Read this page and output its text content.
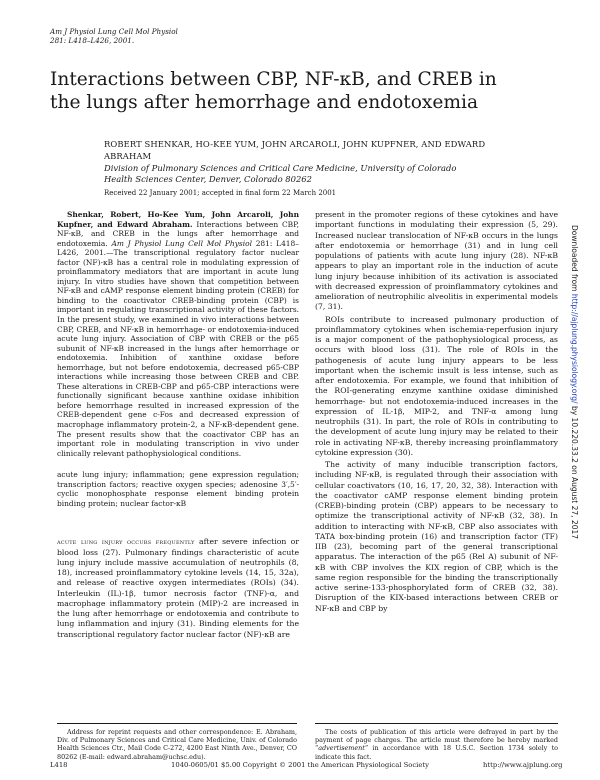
Am J Physiol Lung Cell Mol Physiol
281: L418–L426, 2001.
Interactions between CBP, NF-κB, and CREB in the lungs after hemorrhage and endotoxemia
ROBERT SHENKAR, HO-KEE YUM, JOHN ARCAROLI, JOHN KUPFNER, AND EDWARD ABRAHAM
Division of Pulmonary Sciences and Critical Care Medicine, University of Colorado Health Sciences Center, Denver, Colorado 80262
Received 22 January 2001; accepted in final form 22 March 2001

Shenkar, Robert, Ho-Kee Yum, John Arcaroli, John Kupfner, and Edward Abraham. Interactions between CBP, NF-κB, and CREB in the lungs after hemorrhage and endotoxemia. Am J Physiol Lung Cell Mol Physiol 281: L418–L426, 2001.—The transcriptional regulatory factor nuclear factor (NF)-κB has a central role in modulating expression of proinflammatory mediators that are important in acute lung injury. In vitro studies have shown that competition between NF-κB and cAMP response element binding protein (CREB) for binding to the coactivator CREB-binding protein (CBP) is important in regulating transcriptional activity of these factors. In the present study, we examined in vivo interactions between CBP, CREB, and NF-κB in hemorrhage- or endotoxemia-induced acute lung injury. Association of CBP with CREB or the p65 subunit of NF-κB increased in the lungs after hemorrhage or endotoxemia. Inhibition of xanthine oxidase before hemorrhage, but not before endotoxemia, decreased p65-CBP interactions while increasing those between CREB and CBP. These alterations in CREB-CBP and p65-CBP interactions were functionally significant because xanthine oxidase inhibition before hemorrhage resulted in increased expression of the CREB-dependent gene c-Fos and decreased expression of macrophage inflammatory protein-2, a NF-κB-dependent gene. The present results show that the coactivator CBP has an important role in modulating transcription in vivo under clinically relevant pathophysiological conditions.

acute lung injury; inflammation; gene expression regulation; transcription factors; reactive oxygen species; adenosine 3′,5′-cyclic monophosphate response element binding protein binding protein; nuclear factor-κB

acute lung injury occurs frequently after severe infection or blood loss (27). Pulmonary findings characteristic of acute lung injury include massive accumulation of neutrophils (8, 18), increased proinflammatory cytokine levels (14, 15, 32a), and release of reactive oxygen intermediates (ROIs) (34). Interleukin (IL)-1β, tumor necrosis factor (TNF)-α, and macrophage inflammatory protein (MIP)-2 are increased in the lung after hemorrhage or endotoxemia and contribute to lung inflammation and injury (31). Binding elements for the transcriptional regulatory factor nuclear factor (NF)-κB are

present in the promoter regions of these cytokines and have important functions in modulating their expression (5, 29). Increased nuclear translocation of NF-κB occurs in the lungs after endotoxemia or hemorrhage (31) and in lung cell populations of patients with acute lung injury (28). NF-κB appears to play an important role in the induction of acute lung injury because inhibition of its activation is associated with decreased expression of proinflammatory cytokines and amelioration of neutrophilic alveolitis in experimental models (7, 31).

ROIs contribute to increased pulmonary production of proinflammatory cytokines when ischemia-reperfusion injury is a major component of the pathophysiological process, as occurs with blood loss (31). The role of ROIs in the pathogenesis of acute lung injury appears to be less important when the ischemic insult is less intense, such as after endotoxemia. For example, we found that inhibition of the ROI-generating enzyme xanthine oxidase diminished hemorrhage- but not endotoxemia-induced increases in the expression of IL-1β, MIP-2, and TNF-α among lung neutrophils (31). In part, the role of ROIs in contributing to the development of acute lung injury may be related to their role in activating NF-κB, thereby increasing proinflammatory cytokine expression (30).

The activity of many inducible transcription factors, including NF-κB, is regulated through their association with cellular coactivators (10, 16, 17, 20, 32, 38). Interaction with the coactivator cAMP response element binding protein (CREB)-binding protein (CBP) appears to be necessary to optimize the transcriptional activity of NF-κB (32, 38). In addition to interacting with NF-κB, CBP also associates with TATA box-binding protein (16) and transcription factor (TF) IIB (23), becoming part of the general transcriptional apparatus. The interaction of the p65 (Rel A) subunit of NF-κB with CBP involves the KIX region of CBP, which is the same region responsible for the binding the transcriptionally active serine-133-phosphorylated form of CREB (32, 38). Disruption of the KIX-based interactions between CREB or NF-κB and CBP by

Address for reprint requests and other correspondence: E. Abraham, Div. of Pulmonary Sciences and Critical Care Medicine, Univ. of Colorado Health Sciences Ctr., Mail Code C-272, 4200 East Ninth Ave., Denver, CO 80262 (E-mail: edward.abraham@uchsc.edu).
The costs of publication of this article were defrayed in part by the payment of page charges. The article must therefore be hereby marked “advertisement” in accordance with 18 U.S.C. Section 1734 solely to indicate this fact.
L418	1040-0605/01 $5.00 Copyright © 2001 the American Physiological Society	http://www.ajplung.org
Downloaded from http://ajplung.physiology.org/ by 10.220.33.2 on August 27, 2017
